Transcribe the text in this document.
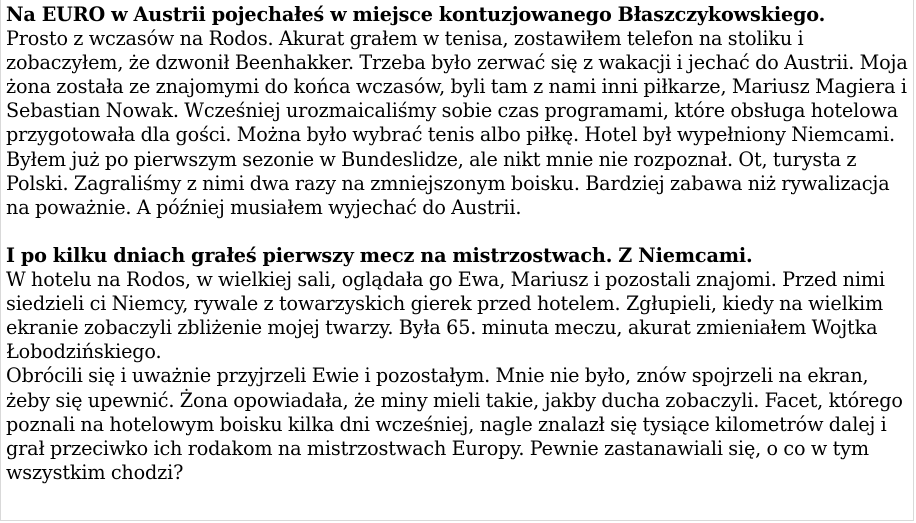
Na EURO w Austrii pojechałeś w miejsce kontuzjowanego Błaszczykowskiego.

Prosto z wczasów na Rodos. Akurat grałem w tenisa, zostawiłem telefon na stoliku i zobaczyłem, że dzwonił Beenhakker. Trzeba było zerwać się z wakacji i jechać do Austrii. Moja żona została ze znajomymi do końca wczasów, byli tam z nami inni piłkarze, Mariusz Magiera i Sebastian Nowak. Wcześniej urozmaicaliśmy sobie czas programami, które obsługa hotelowa przygotowała dla gości. Można było wybrać tenis albo piłkę. Hotel był wypełniony Niemcami. Byłem już po pierwszym sezonie w Bundeslidze, ale nikt mnie nie rozpoznał. Ot, turysta z Polski. Zagraliśmy z nimi dwa razy na zmniejszonym boisku. Bardziej zabawa niż rywalizacja na poważnie. A później musiałem wyjechać do Austrii.

I po kilku dniach grałeś pierwszy mecz na mistrzostwach. Z Niemcami.

W hotelu na Rodos, w wielkiej sali, oglądała go Ewa, Mariusz i pozostali znajomi. Przed nimi siedzieli ci Niemcy, rywale z towarzyskich gierek przed hotelem. Zgłupieli, kiedy na wielkim ekranie zobaczyli zbliżenie mojej twarzy. Była 65. minuta meczu, akurat zmieniałem Wojtka Łobodzińskiego.

Obrócili się i uważnie przyjrzeli Ewie i pozostałym. Mnie nie było, znów spojrzeli na ekran, żeby się upewnić. Żona opowiadała, że miny mieli takie, jakby ducha zobaczyli. Facet, którego poznali na hotelowym boisku kilka dni wcześniej, nagle znalazł się tysiące kilometrów dalej i grał przeciwko ich rodakom na mistrzostwach Europy. Pewnie zastanawiali się, o co w tym wszystkim chodzi?
